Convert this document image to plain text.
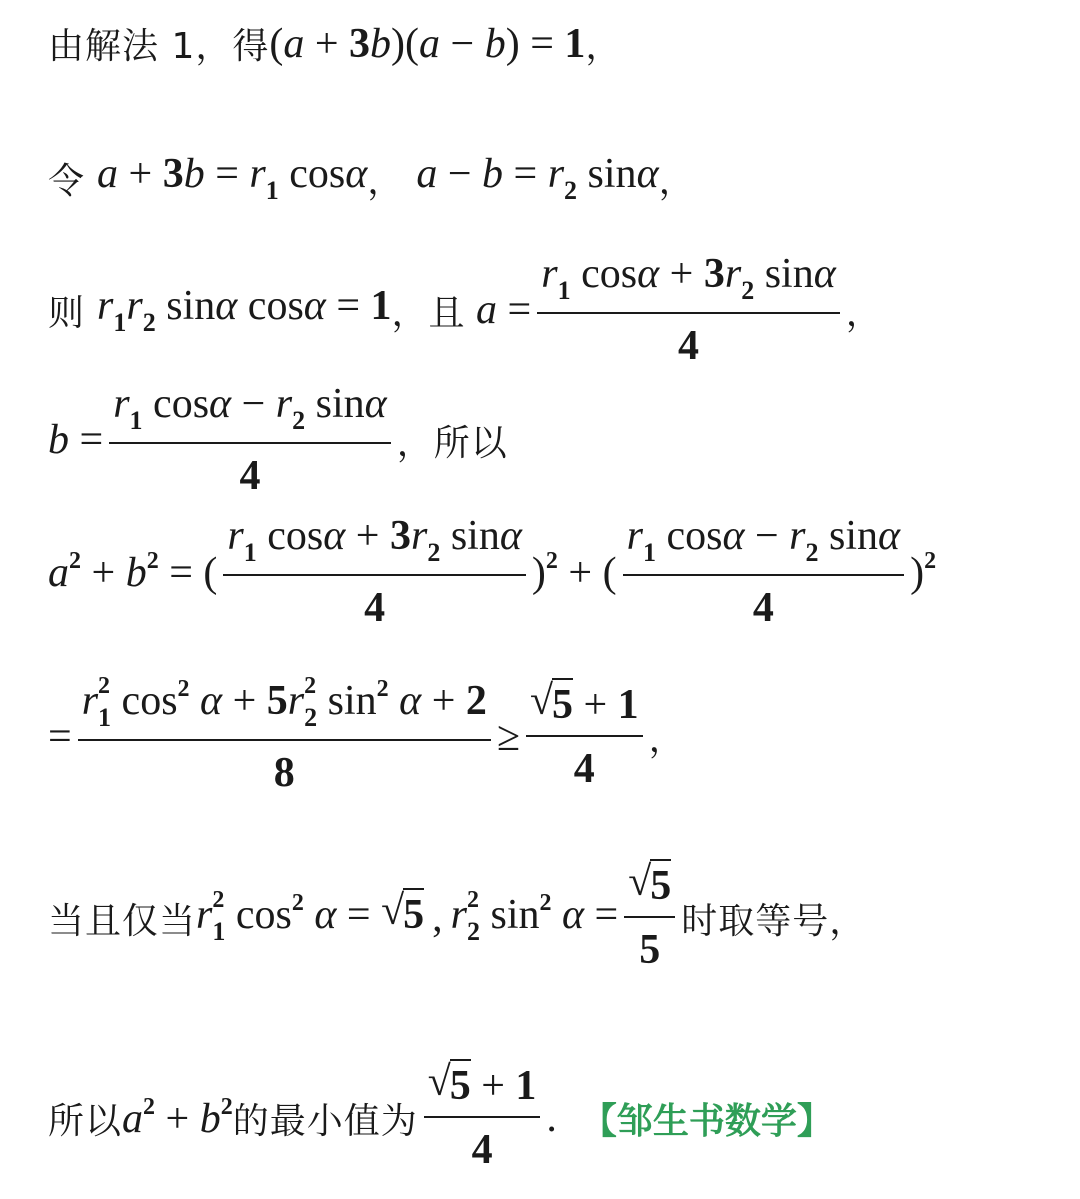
由解法 1，得 (a + 3b)(a − b) = 1 ，
令 $a + 3b = r_1$ cosα ， $a - b = r_2$ sinα ，
则 $r_1r_2$ sinα cosα = 1 ，且 $a = \frac{r_1 \cos\alpha + 3r_2 \sin\alpha}{4}$ ，
$b = \frac{r_1 \cos\alpha - r_2 \sin\alpha}{4}$ ，所以
$a^2 + b^2$ = ( $\frac{r_1 \cos\alpha + 3r_2 \sin\alpha}{4} )^2$ + ( $\frac{r_1 \cos\alpha - r_2 \sin\alpha}{4} )^2$
= r $_{2 1}$ $\cos^2 \alpha + 5r$ $_{2 2}$ $\sin^2 \alpha + 2$
8 ≥ √ $\frac{5 + 1}{4}$ ，
当且仅当 r $_{2 1}$ $\cos^2 \alpha$ = √ 5 , r $_{2 2}$ $\sin^2 \alpha$ = √ $\frac{5}{5}$ 时取等号，
所以 $a^2 + b^2$ 的最小值为 √ $\frac{5 + 1}{4}$ . 【邹生书数学】
